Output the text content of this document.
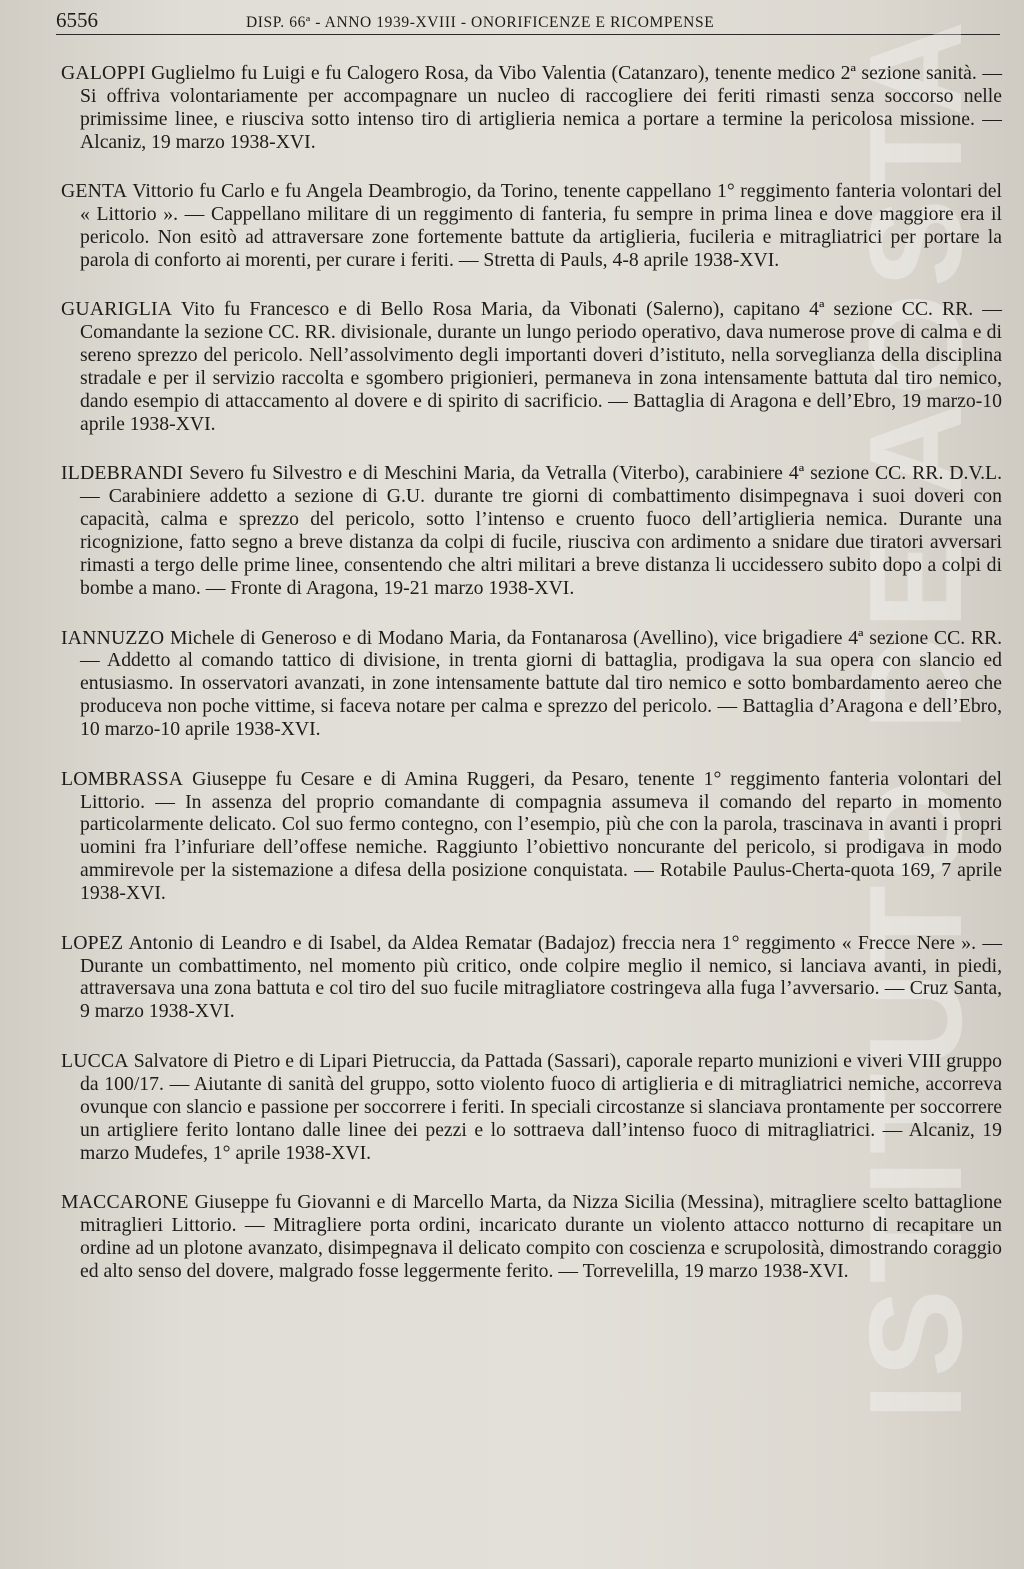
ISTITUTO DE AOSTA
6556	DISP. 66ª - ANNO 1939-XVIII - ONORIFICENZE E RICOMPENSE

GALOPPI Guglielmo fu Luigi e fu Calogero Rosa, da Vibo Valentia (Catanzaro), tenente medico 2ª sezione sanità. — Si offriva volontariamente per accompagnare un nucleo di raccogliere dei feriti rimasti senza soccorso nelle primissime linee, e riusciva sotto intenso tiro di artiglieria nemica a portare a termine la pericolosa missione. — Alcaniz, 19 marzo 1938-XVI.

GENTA Vittorio fu Carlo e fu Angela Deambrogio, da Torino, tenente cappellano 1° reggimento fanteria volontari del « Littorio ». — Cappellano militare di un reggimento di fanteria, fu sempre in prima linea e dove maggiore era il pericolo. Non esitò ad attraversare zone fortemente battute da artiglieria, fucileria e mitragliatrici per portare la parola di conforto ai morenti, per curare i feriti. — Stretta di Pauls, 4-8 aprile 1938-XVI.

GUARIGLIA Vito fu Francesco e di Bello Rosa Maria, da Vibonati (Salerno), capitano 4ª sezione CC. RR. — Comandante la sezione CC. RR. divisionale, durante un lungo periodo operativo, dava numerose prove di calma e di sereno sprezzo del pericolo. Nell’assolvimento degli importanti doveri d’istituto, nella sorveglianza della disciplina stradale e per il servizio raccolta e sgombero prigionieri, permaneva in zona intensamente battuta dal tiro nemico, dando esempio di attaccamento al dovere e di spirito di sacrificio. — Battaglia di Aragona e dell’Ebro, 19 marzo-10 aprile 1938-XVI.

ILDEBRANDI Severo fu Silvestro e di Meschini Maria, da Vetralla (Viterbo), carabiniere 4ª sezione CC. RR. D.V.L. — Carabiniere addetto a sezione di G.U. durante tre giorni di combattimento disimpegnava i suoi doveri con capacità, calma e sprezzo del pericolo, sotto l’intenso e cruento fuoco dell’artiglieria nemica. Durante una ricognizione, fatto segno a breve distanza da colpi di fucile, riusciva con ardimento a snidare due tiratori avversari rimasti a tergo delle prime linee, consentendo che altri militari a breve distanza li uccidessero subito dopo a colpi di bombe a mano. — Fronte di Aragona, 19-21 marzo 1938-XVI.

IANNUZZO Michele di Generoso e di Modano Maria, da Fontanarosa (Avellino), vice brigadiere 4ª sezione CC. RR. — Addetto al comando tattico di divisione, in trenta giorni di battaglia, prodigava la sua opera con slancio ed entusiasmo. In osservatori avanzati, in zone intensamente battute dal tiro nemico e sotto bombardamento aereo che produceva non poche vittime, si faceva notare per calma e sprezzo del pericolo. — Battaglia d’Aragona e dell’Ebro, 10 marzo-10 aprile 1938-XVI.

LOMBRASSA Giuseppe fu Cesare e di Amina Ruggeri, da Pesaro, tenente 1° reggimento fanteria volontari del Littorio. — In assenza del proprio comandante di compagnia assumeva il comando del reparto in momento particolarmente delicato. Col suo fermo contegno, con l’esempio, più che con la parola, trascinava in avanti i propri uomini fra l’infuriare dell’offese nemiche. Raggiunto l’obiettivo noncurante del pericolo, si prodigava in modo ammirevole per la sistemazione a difesa della posizione conquistata. — Rotabile Paulus-Cherta-quota 169, 7 aprile 1938-XVI.

LOPEZ Antonio di Leandro e di Isabel, da Aldea Rematar (Badajoz) freccia nera 1° reggimento « Frecce Nere ». — Durante un combattimento, nel momento più critico, onde colpire meglio il nemico, si lanciava avanti, in piedi, attraversava una zona battuta e col tiro del suo fucile mitragliatore costringeva alla fuga l’avversario. — Cruz Santa, 9 marzo 1938-XVI.

LUCCA Salvatore di Pietro e di Lipari Pietruccia, da Pattada (Sassari), caporale reparto munizioni e viveri VIII gruppo da 100/17. — Aiutante di sanità del gruppo, sotto violento fuoco di artiglieria e di mitragliatrici nemiche, accorreva ovunque con slancio e passione per soccorrere i feriti. In speciali circostanze si slanciava prontamente per soccorrere un artigliere ferito lontano dalle linee dei pezzi e lo sottraeva dall’intenso fuoco di mitragliatrici. — Alcaniz, 19 marzo Mudefes, 1° aprile 1938-XVI.

MACCARONE Giuseppe fu Giovanni e di Marcello Marta, da Nizza Sicilia (Messina), mitragliere scelto battaglione mitraglieri Littorio. — Mitragliere porta ordini, incaricato durante un violento attacco notturno di recapitare un ordine ad un plotone avanzato, disimpegnava il delicato compito con coscienza e scrupolosità, dimostrando coraggio ed alto senso del dovere, malgrado fosse leggermente ferito. — Torrevelilla, 19 marzo 1938-XVI.
